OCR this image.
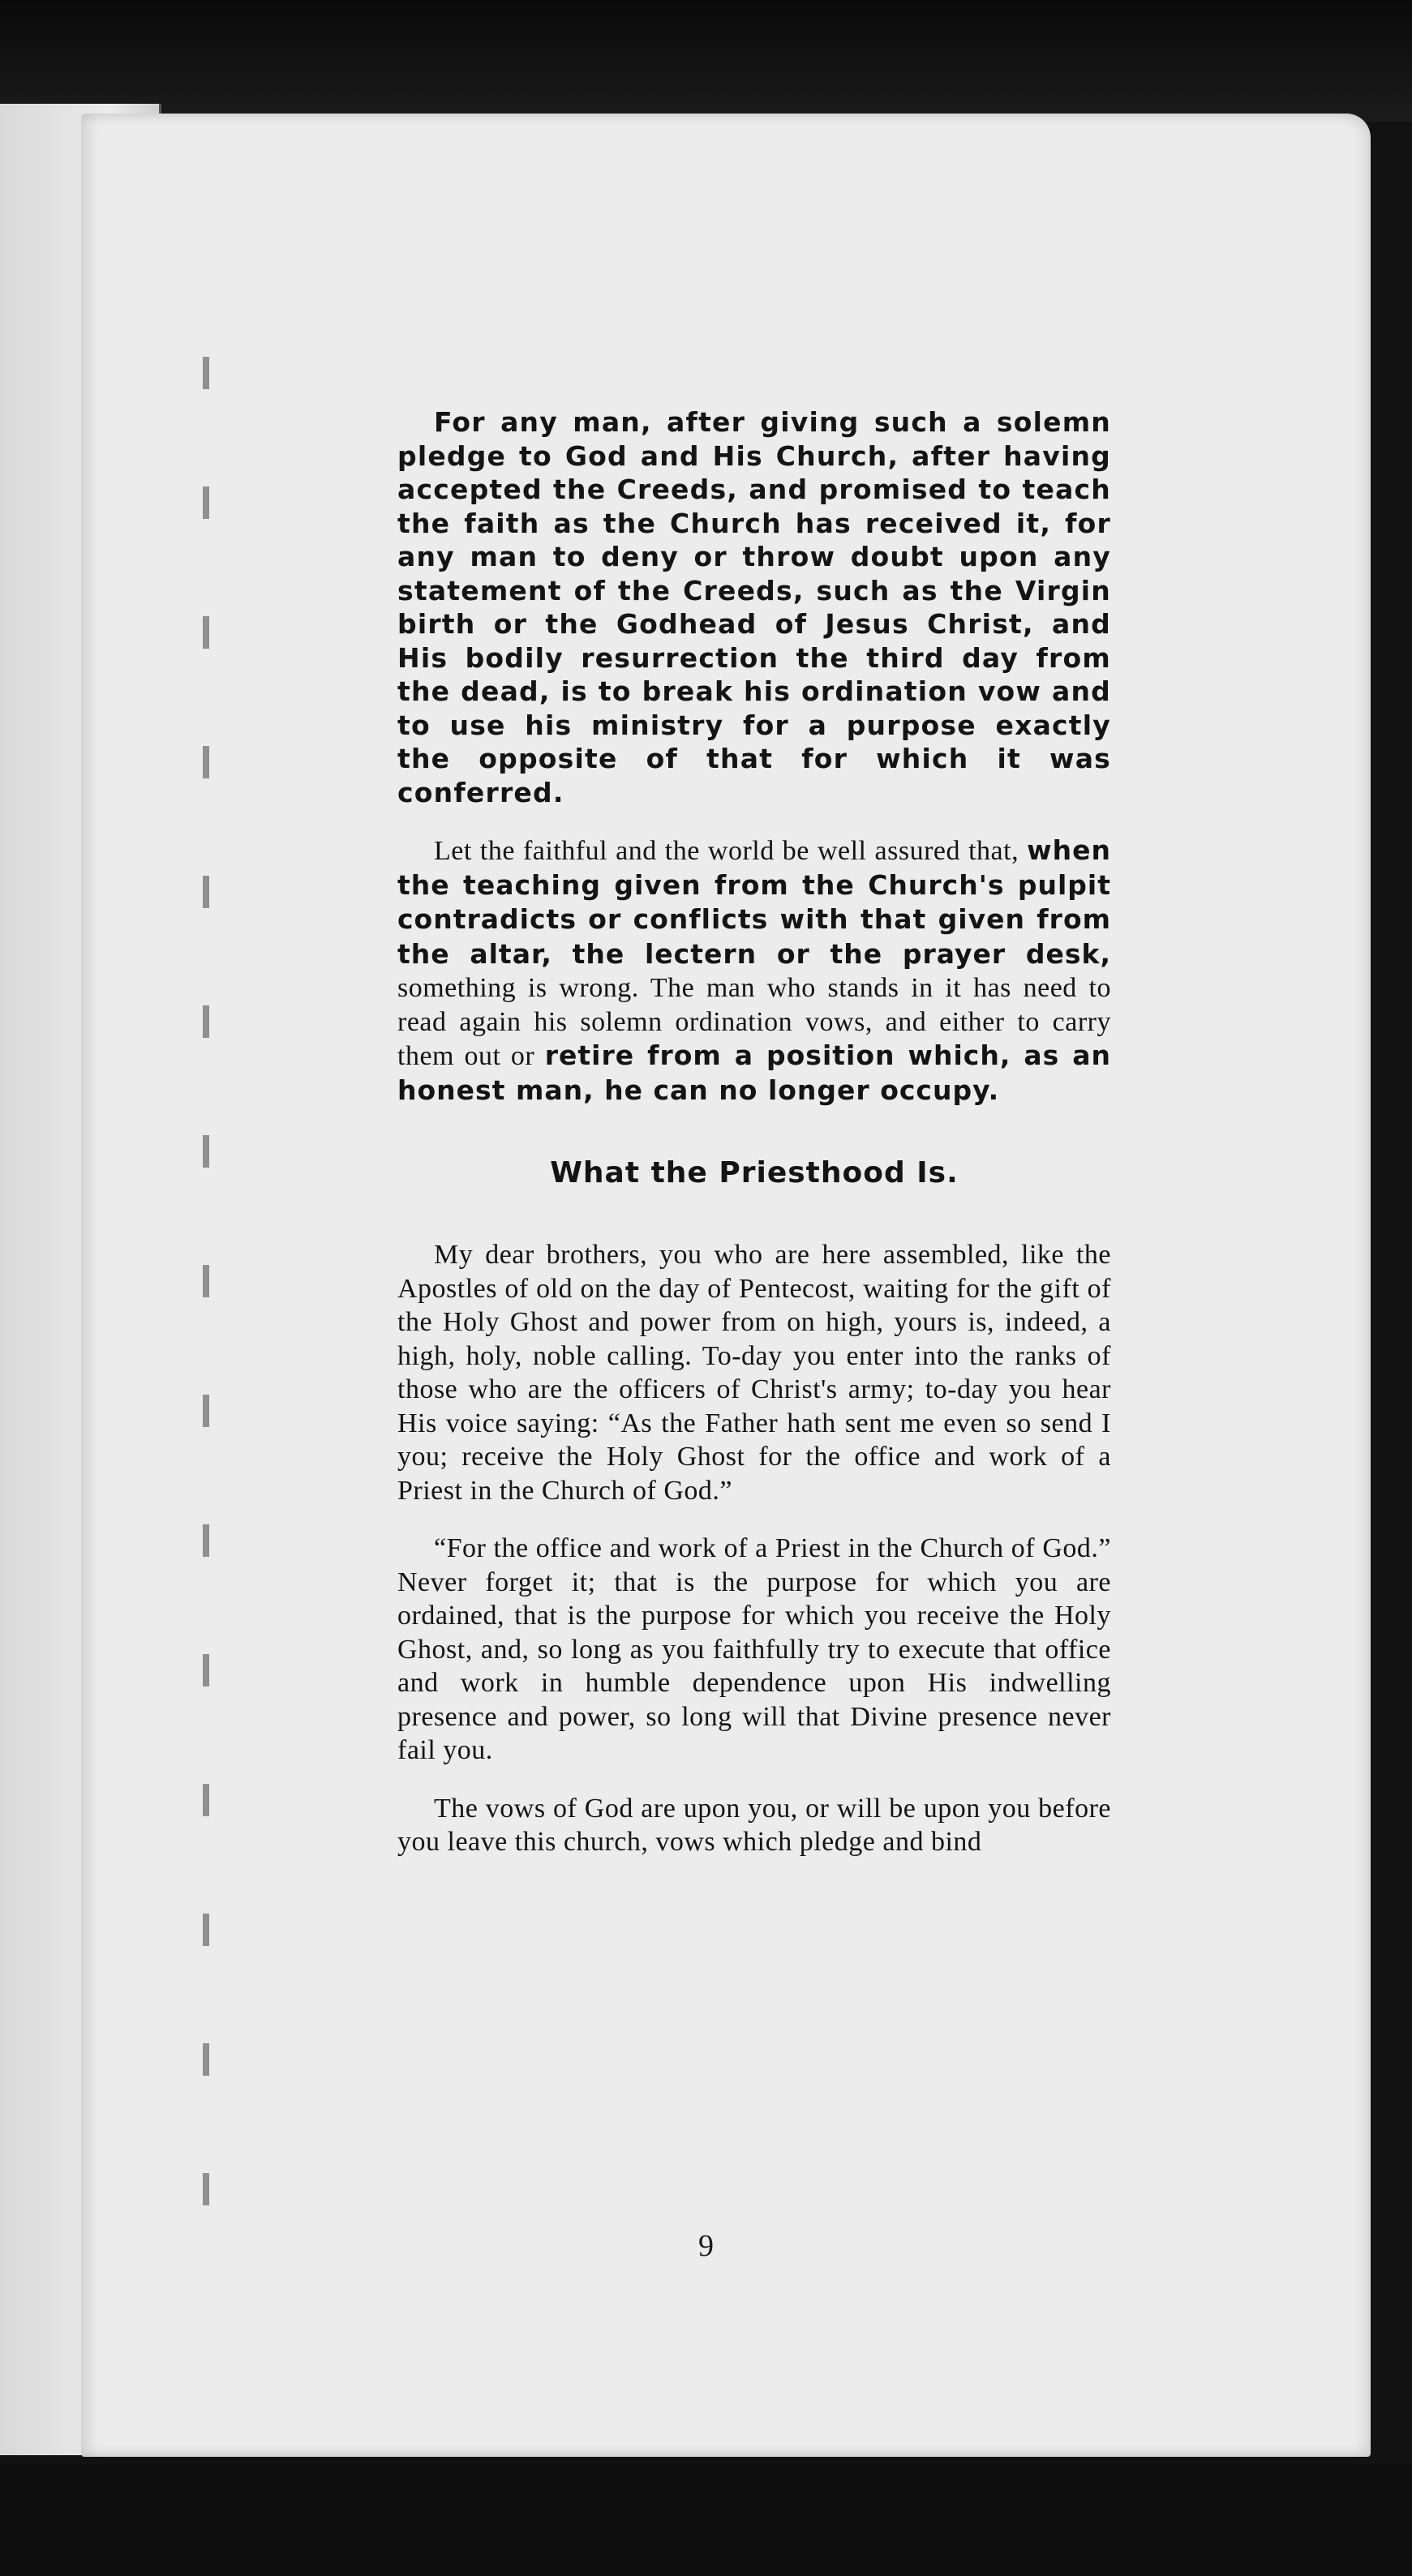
For any man, after giving such a solemn pledge to God and His Church, after having accepted the Creeds, and promised to teach the faith as the Church has received it, for any man to deny or throw doubt upon any statement of the Creeds, such as the Virgin birth or the Godhead of Jesus Christ, and His bodily resurrection the third day from the dead, is to break his ordination vow and to use his ministry for a purpose exactly the opposite of that for which it was conferred.

Let the faithful and the world be well assured that, when the teaching given from the Church's pulpit contradicts or conflicts with that given from the altar, the lectern or the prayer desk, something is wrong. The man who stands in it has need to read again his solemn ordination vows, and either to carry them out or retire from a position which, as an honest man, he can no longer occupy.

What the Priesthood Is.

My dear brothers, you who are here assembled, like the Apostles of old on the day of Pentecost, waiting for the gift of the Holy Ghost and power from on high, yours is, indeed, a high, holy, noble calling. To-day you enter into the ranks of those who are the officers of Christ's army; to-day you hear His voice saying: “As the Father hath sent me even so send I you; receive the Holy Ghost for the office and work of a Priest in the Church of God.”

“For the office and work of a Priest in the Church of God.” Never forget it; that is the purpose for which you are ordained, that is the purpose for which you receive the Holy Ghost, and, so long as you faithfully try to execute that office and work in humble dependence upon His indwelling presence and power, so long will that Divine presence never fail you.

The vows of God are upon you, or will be upon you before you leave this church, vows which pledge and bind

9
